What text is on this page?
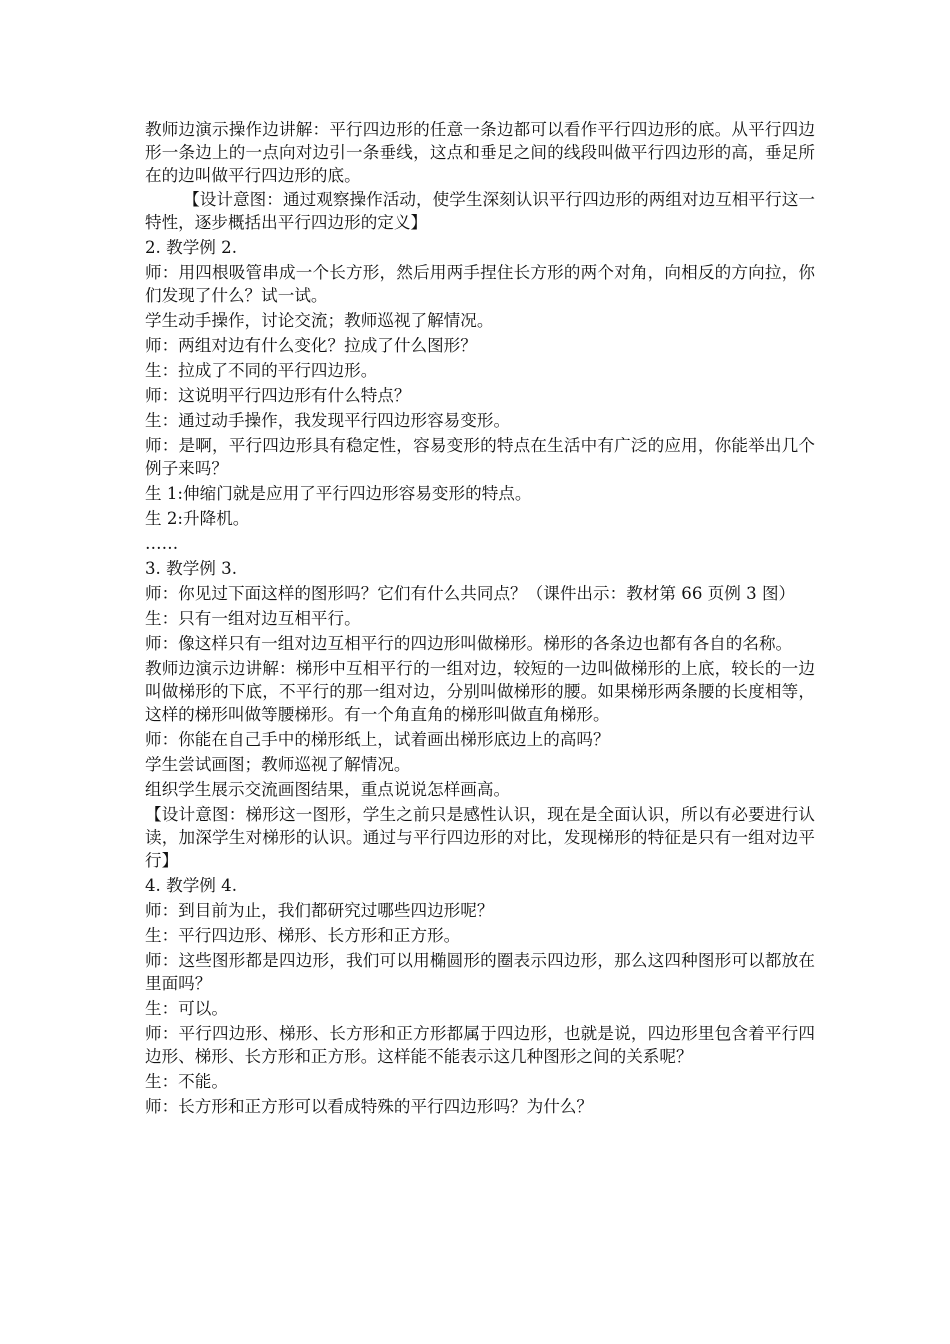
教师边演示操作边讲解：平行四边形的任意一条边都可以看作平行四边形的底。从平行四边形一条边上的一点向对边引一条垂线，这点和垂足之间的线段叫做平行四边形的高，垂足所在的边叫做平行四边形的底。

【设计意图：通过观察操作活动，使学生深刻认识平行四边形的两组对边互相平行这一特性，逐步概括出平行四边形的定义】

2. 教学例 2.

师：用四根吸管串成一个长方形，然后用两手捏住长方形的两个对角，向相反的方向拉，你们发现了什么？试一试。

学生动手操作，讨论交流；教师巡视了解情况。

师：两组对边有什么变化？拉成了什么图形？

生：拉成了不同的平行四边形。

师：这说明平行四边形有什么特点？

生：通过动手操作，我发现平行四边形容易变形。

师：是啊，平行四边形具有稳定性，容易变形的特点在生活中有广泛的应用，你能举出几个例子来吗？

生 1:伸缩门就是应用了平行四边形容易变形的特点。

生 2:升降机。

……

3. 教学例 3.

师：你见过下面这样的图形吗？它们有什么共同点？（课件出示：教材第 66 页例 3 图）

生：只有一组对边互相平行。

师：像这样只有一组对边互相平行的四边形叫做梯形。梯形的各条边也都有各自的名称。

教师边演示边讲解：梯形中互相平行的一组对边，较短的一边叫做梯形的上底，较长的一边叫做梯形的下底，不平行的那一组对边，分别叫做梯形的腰。如果梯形两条腰的长度相等，这样的梯形叫做等腰梯形。有一个角直角的梯形叫做直角梯形。

师：你能在自己手中的梯形纸上，试着画出梯形底边上的高吗？

学生尝试画图；教师巡视了解情况。

组织学生展示交流画图结果，重点说说怎样画高。

【设计意图：梯形这一图形，学生之前只是感性认识，现在是全面认识，所以有必要进行认读，加深学生对梯形的认识。通过与平行四边形的对比，发现梯形的特征是只有一组对边平行】

4. 教学例 4.

师：到目前为止，我们都研究过哪些四边形呢？

生：平行四边形、梯形、长方形和正方形。

师：这些图形都是四边形，我们可以用椭圆形的圈表示四边形，那么这四种图形可以都放在里面吗？

生：可以。

师：平行四边形、梯形、长方形和正方形都属于四边形，也就是说，四边形里包含着平行四边形、梯形、长方形和正方形。这样能不能表示这几种图形之间的关系呢？

生：不能。

师：长方形和正方形可以看成特殊的平行四边形吗？为什么？
